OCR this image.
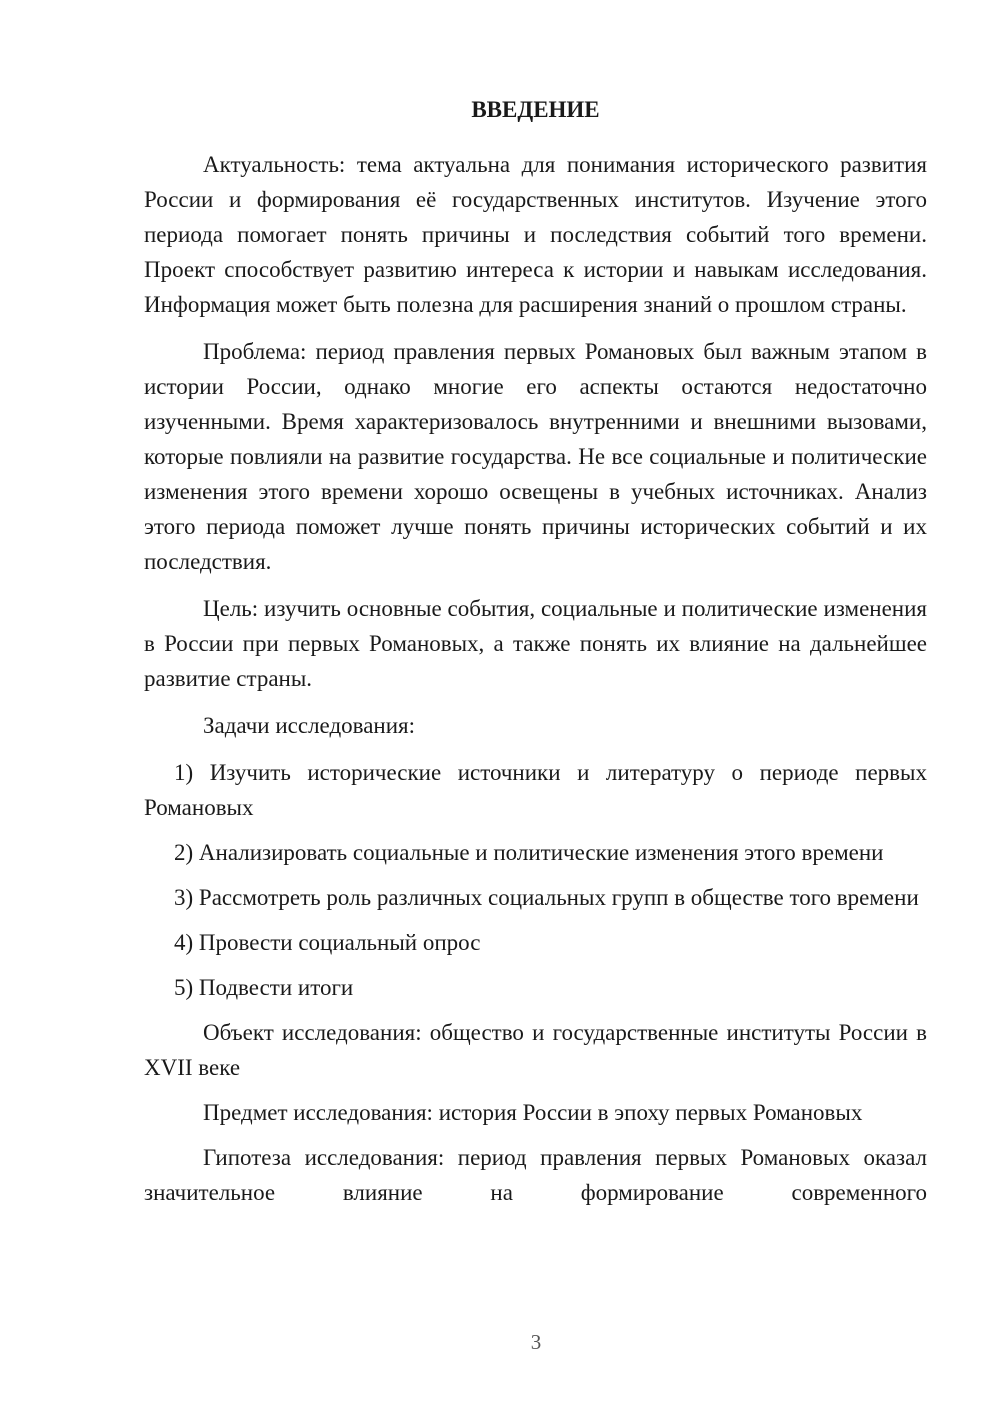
ВВЕДЕНИЕ

Актуальность: тема актуальна для понимания исторического развития России и формирования её государственных институтов. Изучение этого периода помогает понять причины и последствия событий того времени. Проект способствует развитию интереса к истории и навыкам исследования. Информация может быть полезна для расширения знаний о прошлом страны.

Проблема: период правления первых Романовых был важным этапом в истории России, однако многие его аспекты остаются недостаточно изученными. Время характеризовалось внутренними и внешними вызовами, которые повлияли на развитие государства. Не все социальные и политические изменения этого времени хорошо освещены в учебных источниках. Анализ этого периода поможет лучше понять причины исторических событий и их последствия.

Цель: изучить основные события, социальные и политические изменения в России при первых Романовых, а также понять их влияние на дальнейшее развитие страны.

Задачи исследования:

1) Изучить исторические источники и литературу о периоде первых Романовых

2) Анализировать социальные и политические изменения этого времени

3) Рассмотреть роль различных социальных групп в обществе того времени

4) Провести социальный опрос

5) Подвести итоги

Объект исследования: общество и государственные институты России в XVII веке

Предмет исследования: история России в эпоху первых Романовых

Гипотеза исследования: период правления первых Романовых оказал значительное влияние на формирование современного

3
